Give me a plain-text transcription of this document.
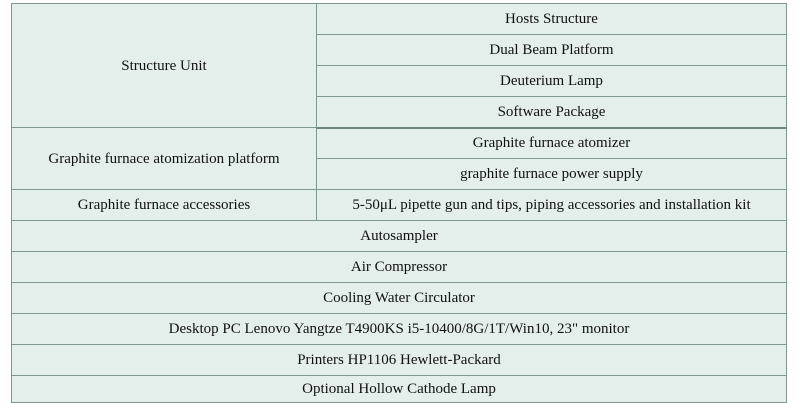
Structure Unit	Hosts Structure
	Dual Beam Platform
	Deuterium Lamp
	Software Package
Graphite furnace atomization platform	Graphite furnace atomizer
	graphite furnace power supply
Graphite furnace accessories	5-50μL pipette gun and tips, piping accessories and installation kit
Autosampler	
Air Compressor	
Cooling Water Circulator	
Desktop PC Lenovo Yangtze T4900KS i5-10400/8G/1T/Win10, 23" monitor	
Printers HP1106 Hewlett-Packard	
Optional Hollow Cathode Lamp	
